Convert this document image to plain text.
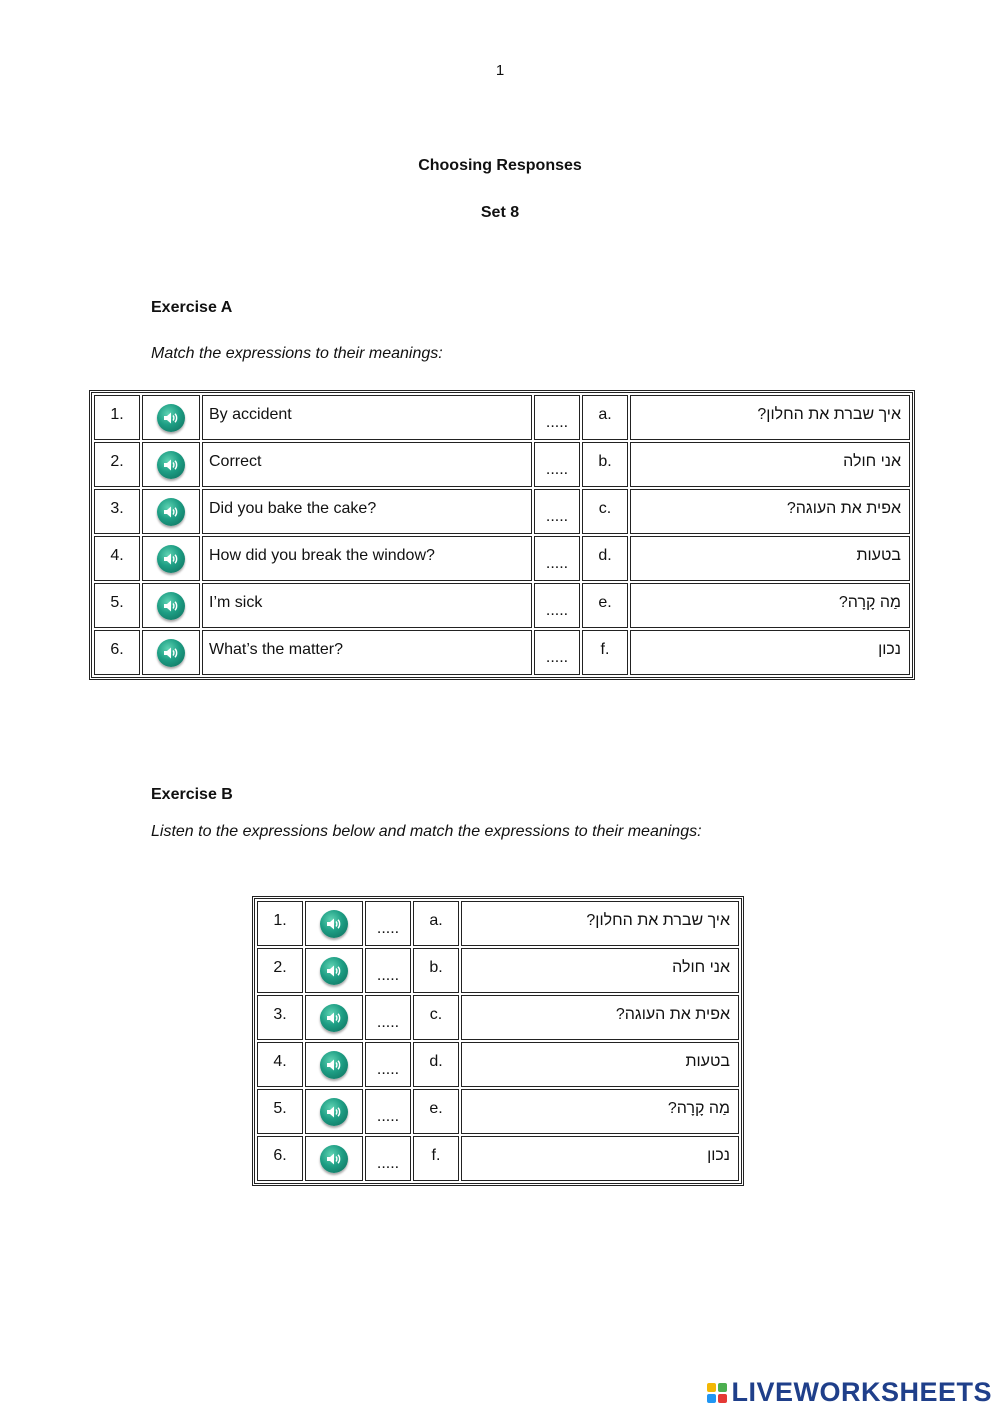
1
Choosing Responses
Set 8
Exercise A
Match the expressions to their meanings:
1.		By accident	.....	a.	איך שברת את החלון?
2.		Correct	.....	b.	אני חולה
3.		Did you bake the cake?	.....	c.	אפית את העוגה?
4.		How did you break the window?	.....	d.	בטעות
5.		I’m sick	.....	e.	מַה קָרָה?
6.		What’s the matter?	.....	f.	נכון
Exercise B
Listen to the expressions below and match the expressions to their meanings:
1.		.....	a.	איך שברת את החלון?
2.		.....	b.	אני חולה
3.		.....	c.	אפית את העוגה?
4.		.....	d.	בטעות
5.		.....	e.	מַה קָרָה?
6.		.....	f.	נכון
LIVEWORKSHEETS
